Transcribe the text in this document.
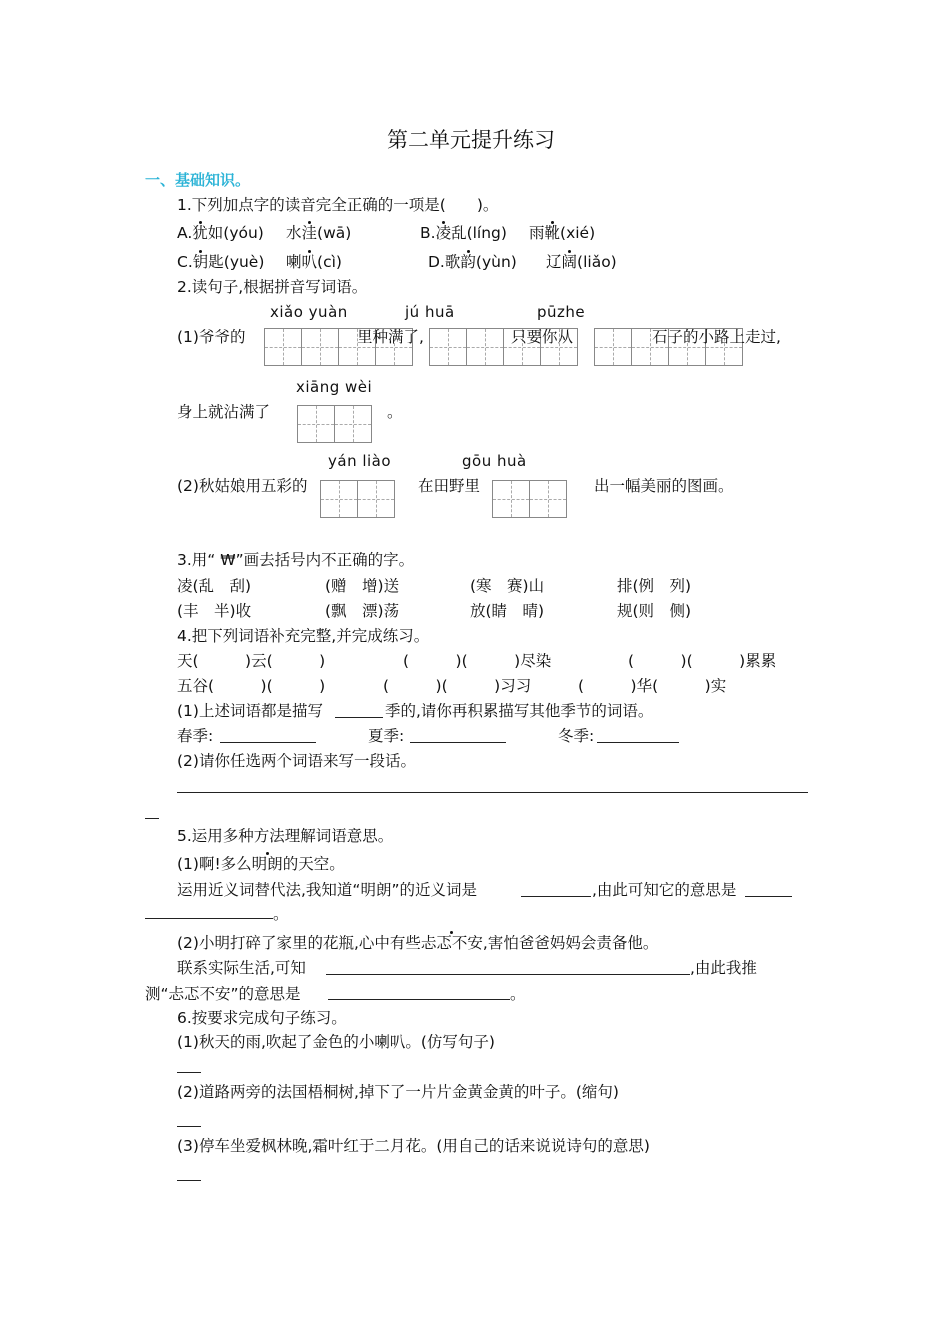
第二单元提升练习
一、基础知识。
1.下列加点字的读音完全正确的一项是(　　)。
A.犹如(yóu) 水洼(wā)	B.凌乱(líng) 雨靴(xié)
C.钥匙(yuè) 喇叭(cì)	D.歌韵(yùn) 辽阔(liǎo)
2.读句子,根据拼音写词语。
xiǎo yuàn	jú huā	pūzhe
(1)爷爷的	里种满了,	只要你从	石子的小路上走过,
xiāng wèi
身上就沾满了	。
yán liào	gōu huà
(2)秋姑娘用五彩的	在田野里	出一幅美丽的图画。
3.用“ ₩”画去括号内不正确的字。
凌(乱　刮)	(赠　增)送	(寒　赛)山	排(例　列)
(丰　半)收	(飘　漂)荡	放(睛　晴)	规(则　侧)
4.把下列词语补充完整,并完成练习。
天(　　　)云(　　　)	(　　　)(　　　)尽染	(　　　)(　　　)累累
五谷(　　　)(　　　)	(　　　)(　　　)习习	(　　　)华(　　　)实
(1)上述词语都是描写	季的,请你再积累描写其他季节的词语。
春季:	夏季:	冬季:
(2)请你任选两个词语来写一段话。
5.运用多种方法理解词语意思。
(1)啊!多么明朗的天空。
运用近义词替代法,我知道“明朗”的近义词是	,由此可知它的意思是
。
(2)小明打碎了家里的花瓶,心中有些忐忑不安,害怕爸爸妈妈会责备他。
联系实际生活,可知	,由此我推
测“忐忑不安”的意思是	。
6.按要求完成句子练习。
(1)秋天的雨,吹起了金色的小喇叭。(仿写句子)
(2)道路两旁的法国梧桐树,掉下了一片片金黄金黄的叶子。(缩句)
(3)停车坐爱枫林晚,霜叶红于二月花。(用自己的话来说说诗句的意思)
